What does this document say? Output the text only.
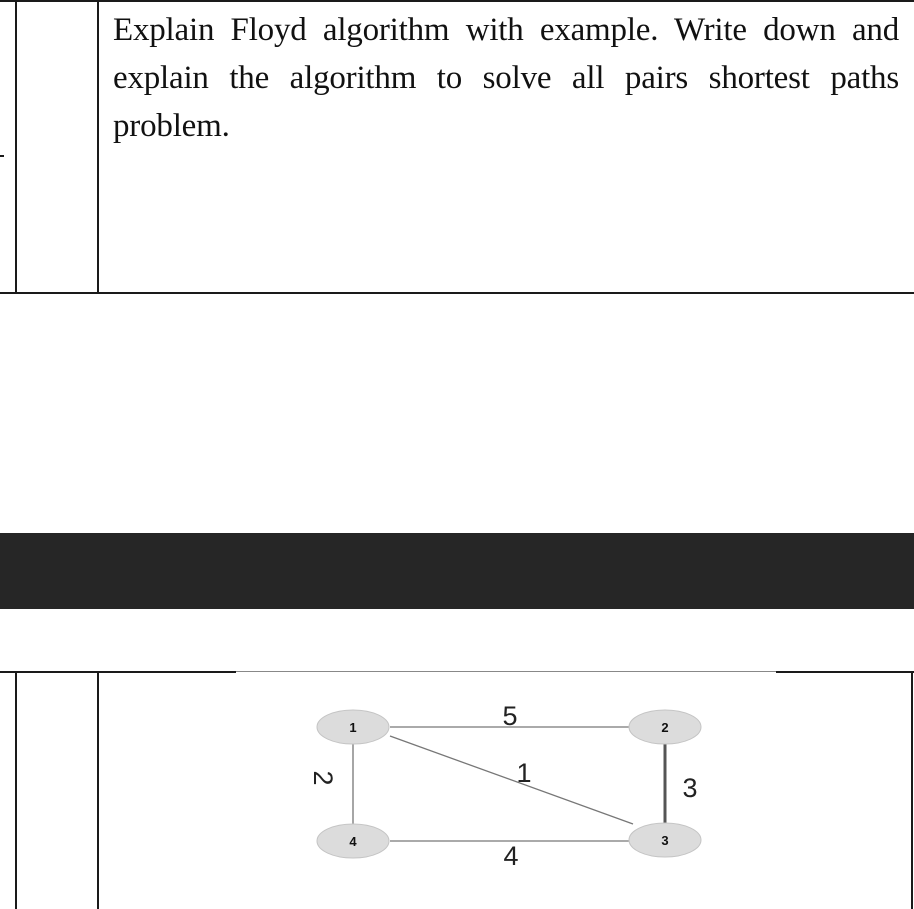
Explain Floyd algorithm with example. Write down and explain the algorithm to solve all pairs shortest paths problem.
1	2
3
4
5
1
2	3
4
